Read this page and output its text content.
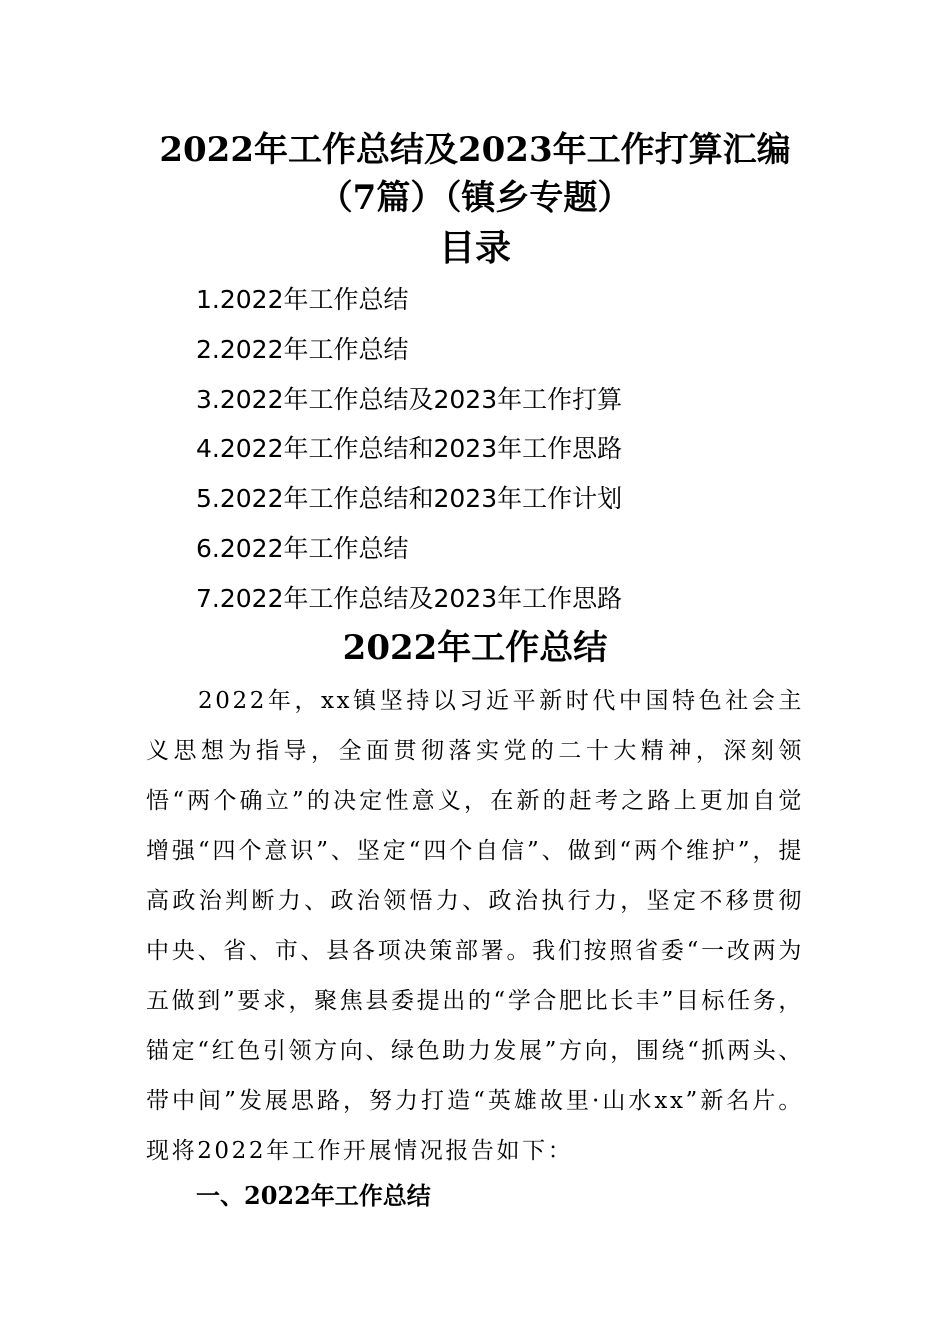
2022年工作总结及2023年工作打算汇编
（7篇）（镇乡专题）
目录
1.2022年工作总结
2.2022年工作总结
3.2022年工作总结及2023年工作打算
4.2022年工作总结和2023年工作思路
5.2022年工作总结和2023年工作计划
6.2022年工作总结
7.2022年工作总结及2023年工作思路
2022年工作总结

2022年，xx镇坚持以习近平新时代中国特色社会主义思想为指导，全面贯彻落实党的二十大精神，深刻领悟“两个确立”的决定性意义，在新的赶考之路上更加自觉增强“四个意识”、坚定“四个自信”、做到“两个维护”，提高政治判断力、政治领悟力、政治执行力，坚定不移贯彻中央、省、市、县各项决策部署。我们按照省委“一改两为五做到”要求，聚焦县委提出的“学合肥比长丰”目标任务，锚定“红色引领方向、绿色助力发展”方向，围绕“抓两头、带中间”发展思路，努力打造“英雄故里·山水xx”新名片。现将2022年工作开展情况报告如下：

一、2022年工作总结
